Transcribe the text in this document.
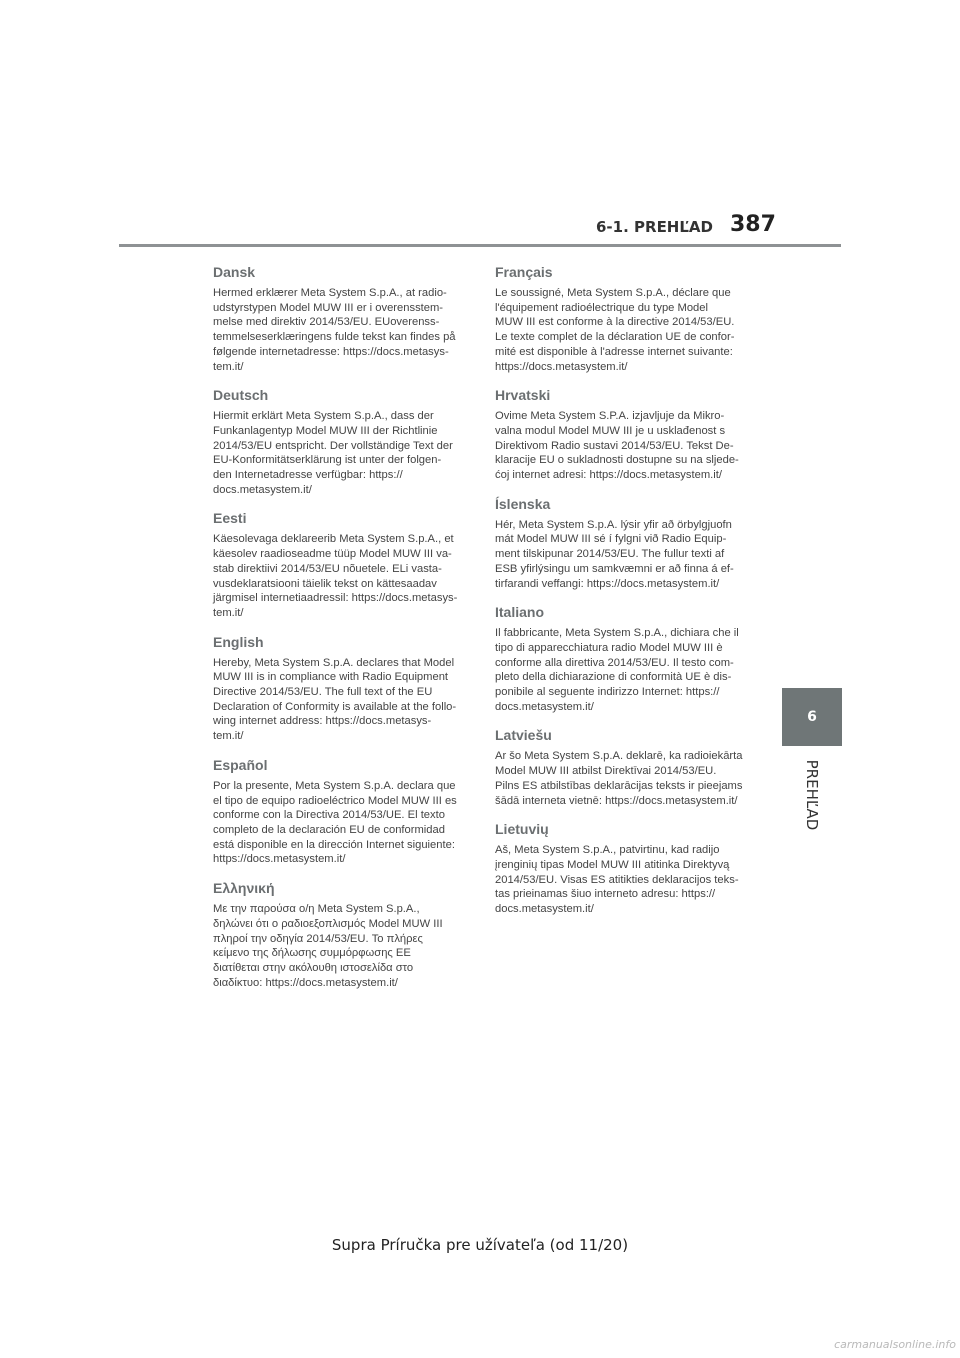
6-1. PREHĽAD 387
6
PREHĽAD
Dansk

Hermed erklærer Meta System S.p.A., at radio-
udstyrstypen Model MUW III er i overensstem-
melse med direktiv 2014/53/EU. EUoverenss-
temmelseserklæringens fulde tekst kan findes på
følgende internetadresse: https://docs.metasys-
tem.it/

Deutsch

Hiermit erklärt Meta System S.p.A., dass der
Funkanlagentyp Model MUW III der Richtlinie
2014/53/EU entspricht. Der vollständige Text der
EU-Konformitätserklärung ist unter der folgen-
den Internetadresse verfügbar: https://
docs.metasystem.it/

Eesti

Käesolevaga deklareerib Meta System S.p.A., et
käesolev raadioseadme tüüp Model MUW III va-
stab direktiivi 2014/53/EU nõuetele. ELi vasta-
vusdeklaratsiooni täielik tekst on kättesaadav
järgmisel internetiaadressil: https://docs.metasys-
tem.it/

English

Hereby, Meta System S.p.A. declares that Model
MUW III is in compliance with Radio Equipment
Directive 2014/53/EU. The full text of the EU
Declaration of Conformity is available at the follo-
wing internet address: https://docs.metasys-
tem.it/

Español

Por la presente, Meta System S.p.A. declara que
el tipo de equipo radioeléctrico Model MUW III es
conforme con la Directiva 2014/53/UE. El texto
completo de la declaración EU de conformidad
está disponible en la dirección Internet siguiente:
https://docs.metasystem.it/

Ελληνική

Με την παρούσα ο/η Meta System S.p.A.,
δηλώνει ότι ο ραδιοεξοπλισμός Model MUW III
πληροί την οδηγία 2014/53/EU. Το πλήρες
κείμενο της δήλωσης συμμόρφωσης ΕΕ
διατίθεται στην ακόλουθη ιστοσελίδα στο
διαδίκτυο: https://docs.metasystem.it/

Français

Le soussigné, Meta System S.p.A., déclare que
l'équipement radioélectrique du type Model
MUW III est conforme à la directive 2014/53/EU.
Le texte complet de la déclaration UE de confor-
mité est disponible à l'adresse internet suivante:
https://docs.metasystem.it/

Hrvatski

Ovime Meta System S.P.A. izjavljuje da Mikro-
valna modul Model MUW III je u usklađenost s
Direktivom Radio sustavi 2014/53/EU. Tekst De-
klaracije EU o sukladnosti dostupne su na sljede-
ćoj internet adresi: https://docs.metasystem.it/

Íslenska

Hér, Meta System S.p.A. lýsir yfir að örbylgjuofn
mát Model MUW III sé í fylgni við Radio Equip-
ment tilskipunar 2014/53/EU. The fullur texti af
ESB yfirlýsingu um samkvæmni er að finna á ef-
tirfarandi veffangi: https://docs.metasystem.it/

Italiano

Il fabbricante, Meta System S.p.A., dichiara che il
tipo di apparecchiatura radio Model MUW III è
conforme alla direttiva 2014/53/EU. Il testo com-
pleto della dichiarazione di conformità UE è dis-
ponibile al seguente indirizzo Internet: https://
docs.metasystem.it/

Latviešu

Ar šo Meta System S.p.A. deklarē, ka radioiekārta
Model MUW III atbilst Direktīvai 2014/53/EU.
Pilns ES atbilstības deklarācijas teksts ir pieejams
šādā interneta vietnē: https://docs.metasystem.it/

Lietuvių

Aš, Meta System S.p.A., patvirtinu, kad radijo
įrenginių tipas Model MUW III atitinka Direktyvą
2014/53/EU. Visas ES atitikties deklaracijos teks-
tas prieinamas šiuo interneto adresu: https://
docs.metasystem.it/

Supra Príručka pre užívateľa (od 11/20)
carmanualsonline.info
